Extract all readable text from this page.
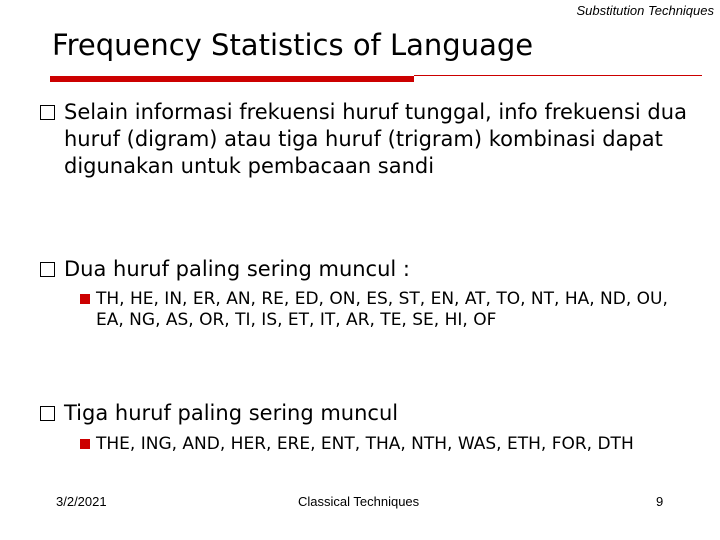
Substitution Techniques
Frequency Statistics of Language
Selain informasi frekuensi huruf tunggal, info frekuensi dua huruf (digram) atau tiga huruf (trigram) kombinasi dapat digunakan untuk pembacaan sandi
Dua huruf paling sering muncul :
TH, HE, IN, ER, AN, RE, ED, ON, ES, ST, EN, AT, TO, NT, HA, ND, OU, EA, NG, AS, OR, TI, IS, ET, IT, AR, TE, SE, HI, OF
Tiga huruf paling sering muncul
THE, ING, AND, HER, ERE, ENT, THA, NTH, WAS, ETH, FOR, DTH
3/2/2021	Classical Techniques	9
